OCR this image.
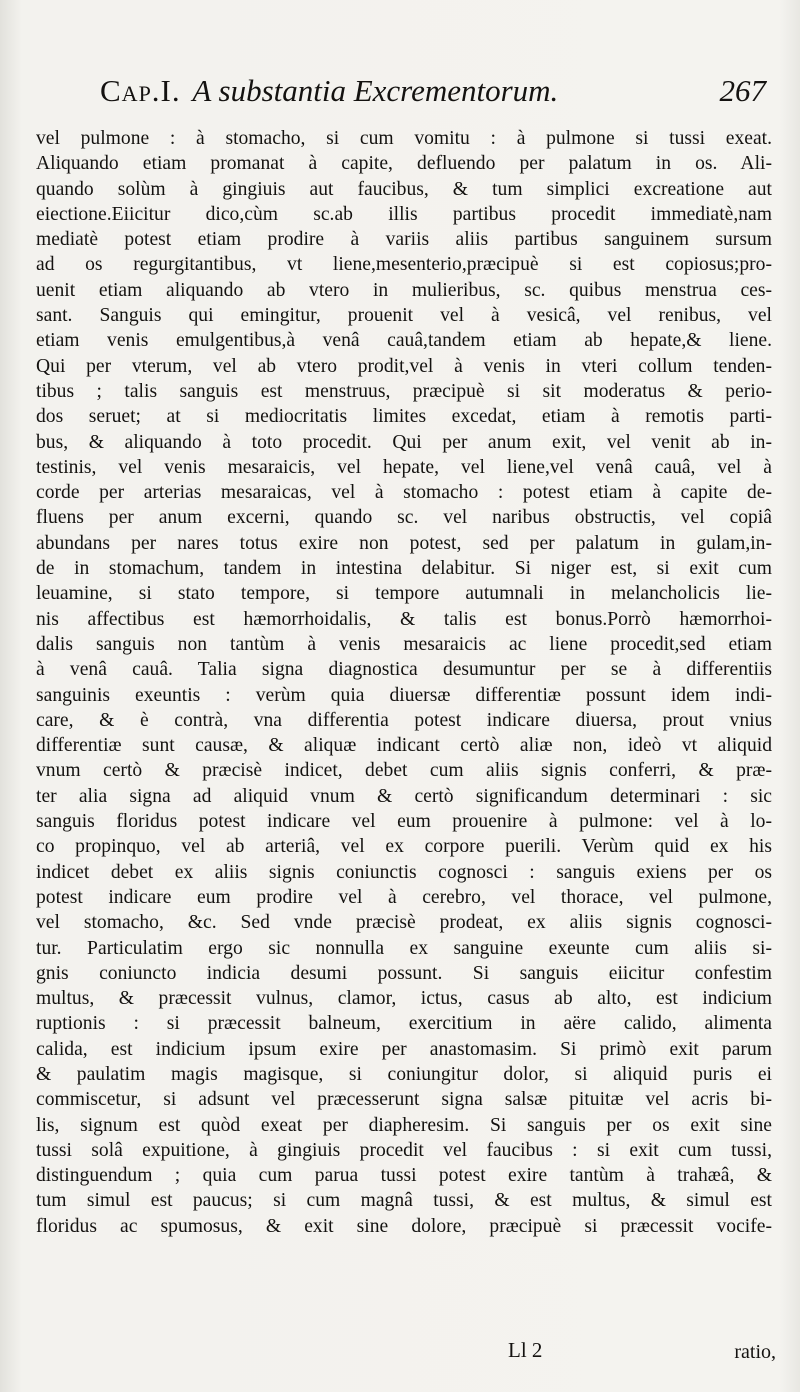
Cap.I. A substantia Excrementorum.	267
vel pulmone : à stomacho, si cum vomitu : à pulmone si tussi exeat.
Aliquando etiam promanat à capite, defluendo per palatum in os. Ali-
quando solùm à gingiuis aut faucibus, & tum simplici excreatione aut
eiectione.Eiicitur dico,cùm sc.ab illis partibus procedit immediatè,nam
mediatè potest etiam prodire à variis aliis partibus sanguinem sursum
ad os regurgitantibus, vt liene,mesenterio,præcipuè si est copiosus;pro-
uenit etiam aliquando ab vtero in mulieribus, sc. quibus menstrua ces-
sant. Sanguis qui emingitur, prouenit vel à vesicâ, vel renibus, vel
etiam venis emulgentibus,à venâ cauâ,tandem etiam ab hepate,& liene.
Qui per vterum, vel ab vtero prodit,vel à venis in vteri collum tenden-
tibus ; talis sanguis est menstruus, præcipuè si sit moderatus & perio-
dos seruet; at si mediocritatis limites excedat, etiam à remotis parti-
bus, & aliquando à toto procedit. Qui per anum exit, vel venit ab in-
testinis, vel venis mesaraicis, vel hepate, vel liene,vel venâ cauâ, vel à
corde per arterias mesaraicas, vel à stomacho : potest etiam à capite de-
fluens per anum excerni, quando sc. vel naribus obstructis, vel copiâ
abundans per nares totus exire non potest, sed per palatum in gulam,in-
de in stomachum, tandem in intestina delabitur. Si niger est, si exit cum
leuamine, si stato tempore, si tempore autumnali in melancholicis lie-
nis affectibus est hæmorrhoidalis, & talis est bonus.Porrò hæmorrhoi-
dalis sanguis non tantùm à venis mesaraicis ac liene procedit,sed etiam
à venâ cauâ. Talia signa diagnostica desumuntur per se à differentiis
sanguinis exeuntis : verùm quia diuersæ differentiæ possunt idem indi-
care, & è contrà, vna differentia potest indicare diuersa, prout vnius
differentiæ sunt causæ, & aliquæ indicant certò aliæ non, ideò vt aliquid
vnum certò & præcisè indicet, debet cum aliis signis conferri, & præ-
ter alia signa ad aliquid vnum & certò significandum determinari : sic
sanguis floridus potest indicare vel eum prouenire à pulmone: vel à lo-
co propinquo, vel ab arteriâ, vel ex corpore puerili. Verùm quid ex his
indicet debet ex aliis signis coniunctis cognosci : sanguis exiens per os
potest indicare eum prodire vel à cerebro, vel thorace, vel pulmone,
vel stomacho, &c. Sed vnde præcisè prodeat, ex aliis signis cognosci-
tur. Particulatim ergo sic nonnulla ex sanguine exeunte cum aliis si-
gnis coniuncto indicia desumi possunt. Si sanguis eiicitur confestim
multus, & præcessit vulnus, clamor, ictus, casus ab alto, est indicium
ruptionis : si præcessit balneum, exercitium in aëre calido, alimenta
calida, est indicium ipsum exire per anastomasim. Si primò exit parum
& paulatim magis magisque, si coniungitur dolor, si aliquid puris ei
commiscetur, si adsunt vel præcesserunt signa salsæ pituitæ vel acris bi-
lis, signum est quòd exeat per diapheresim. Si sanguis per os exit sine
tussi solâ expuitione, à gingiuis procedit vel faucibus : si exit cum tussi,
distinguendum ; quia cum parua tussi potest exire tantùm à trahæâ, &
tum simul est paucus; si cum magnâ tussi, & est multus, & simul est
floridus ac spumosus, & exit sine dolore, præcipuè si præcessit vocife-
Ll 2	ratio,
